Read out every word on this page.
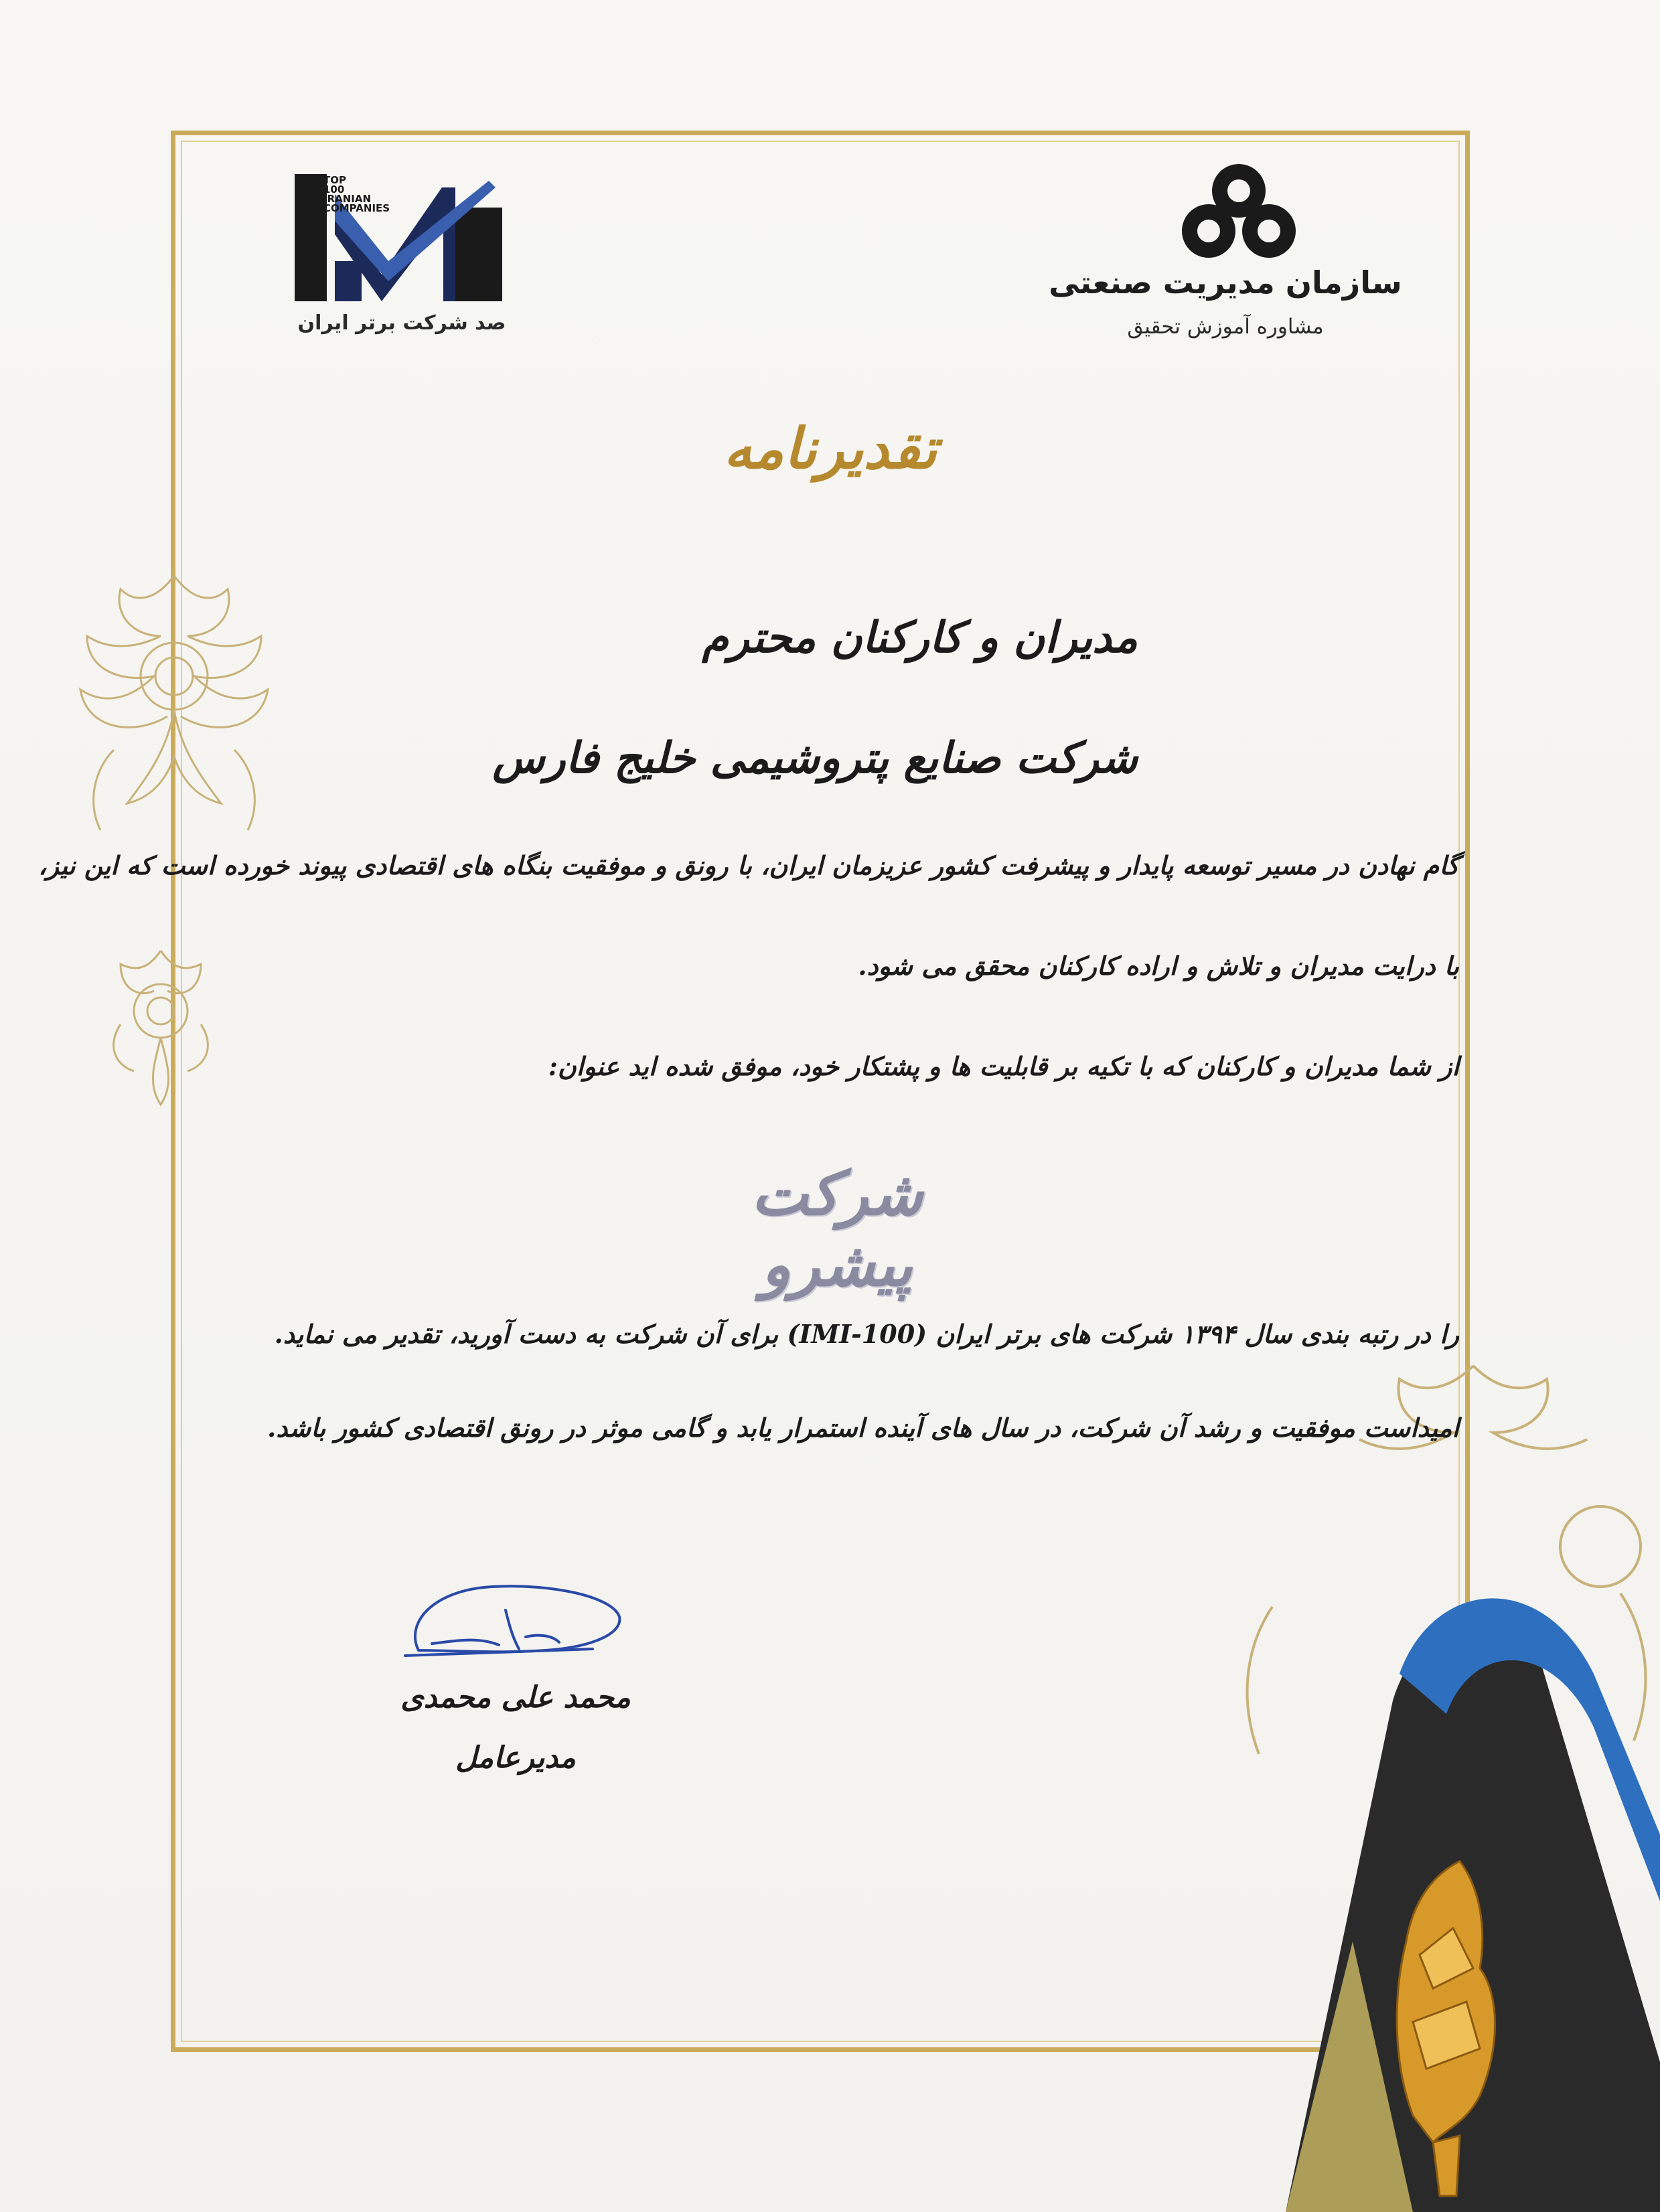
TOP
100
IRANIAN
COMPANIES
صد شرکت برتر ایران
سازمان مدیریت صنعتی
مشاوره آموزش تحقیق
تقدیرنامه
مدیران و کارکنان محترم
شرکت صنایع پتروشیمی خلیج فارس
گام نهادن در مسیر توسعه پایدار و پیشرفت کشور عزیزمان ایران، با رونق و موفقیت بنگاه های اقتصادی پیوند خورده است که این نیز،
با درایت مدیران و تلاش و اراده کارکنان محقق می شود.
از شما مدیران و کارکنان که با تکیه بر قابلیت ها و پشتکار خود، موفق شده اید عنوان:
شرکت پیشرو
را در رتبه بندی سال ۱۳۹۴ شرکت های برتر ایران (IMI-100) برای آن شرکت به دست آورید، تقدیر می نماید.
امیداست موفقیت و رشد آن شرکت، در سال های آینده استمرار یابد و گامی موثر در رونق اقتصادی کشور باشد.
محمد علی محمدی
مدیرعامل
